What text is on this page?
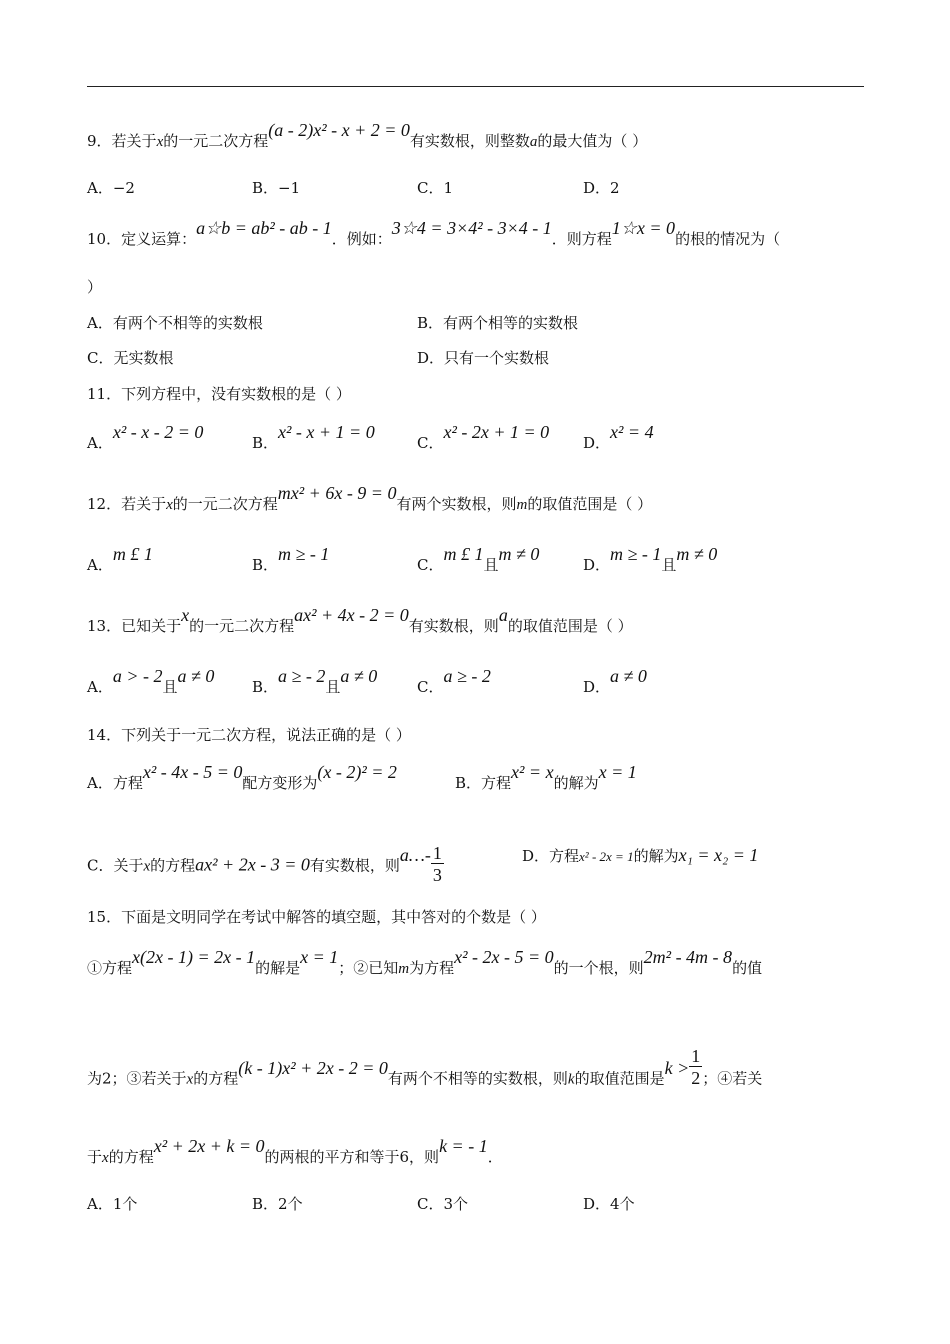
9．若关于x的一元二次方程(a - 2)x² - x + 2 = 0有实数根，则整数a的最大值为（ ）
A．−2	B．−1	C．1	D．2
10．定义运算：a☆b = ab² - ab - 1．例如：3☆4 = 3×4² - 3×4 - 1．则方程1☆x = 0的根的情况为（
）
A．有两个不相等的实数根	B．有两个相等的实数根
C．无实数根	D．只有一个实数根
11．下列方程中，没有实数根的是（ ）
A．x² - x - 2 = 0
B．x² - x + 1 = 0
C．x² - 2x + 1 = 0
D．x² = 4
12．若关于x的一元二次方程mx² + 6x - 9 = 0有两个实数根，则m的取值范围是（ ）
A．m £ 1
B．m ≥ - 1
C．m £ 1且m ≠ 0
D．m ≥ - 1且m ≠ 0
13．已知关于x的一元二次方程ax² + 4x - 2 = 0有实数根，则a的取值范围是（ ）
A．a > - 2且a ≠ 0
B．a ≥ - 2且a ≠ 0
C．a ≥ - 2
D．a ≠ 0
14．下列关于一元二次方程，说法正确的是（ ）
A．方程x² - 4x - 5 = 0配方变形为(x - 2)² = 2
B．方程x² = x的解为x = 1
C．关于x的方程ax² + 2x - 3 = 0有实数根，则a…- $\frac{1}{3}$	D．方程x² - 2x = 1的解为x₁ = x₂ = 1
15．下面是文明同学在考试中解答的填空题，其中答对的个数是（ ）
①方程x(2x - 1) = 2x - 1的解是x = 1；②已知m为方程x² - 2x - 5 = 0的一个根，则2m² - 4m - 8的值
为2；③若关于x的方程(k - 1)x² + 2x - 2 = 0有两个不相等的实数根，则k的取值范围是$k > \frac{1}{2}$ ；④若关
于x的方程x² + 2x + k = 0的两根的平方和等于6，则k = - 1．
A．1个	B．2个	C．3个	D．4个
